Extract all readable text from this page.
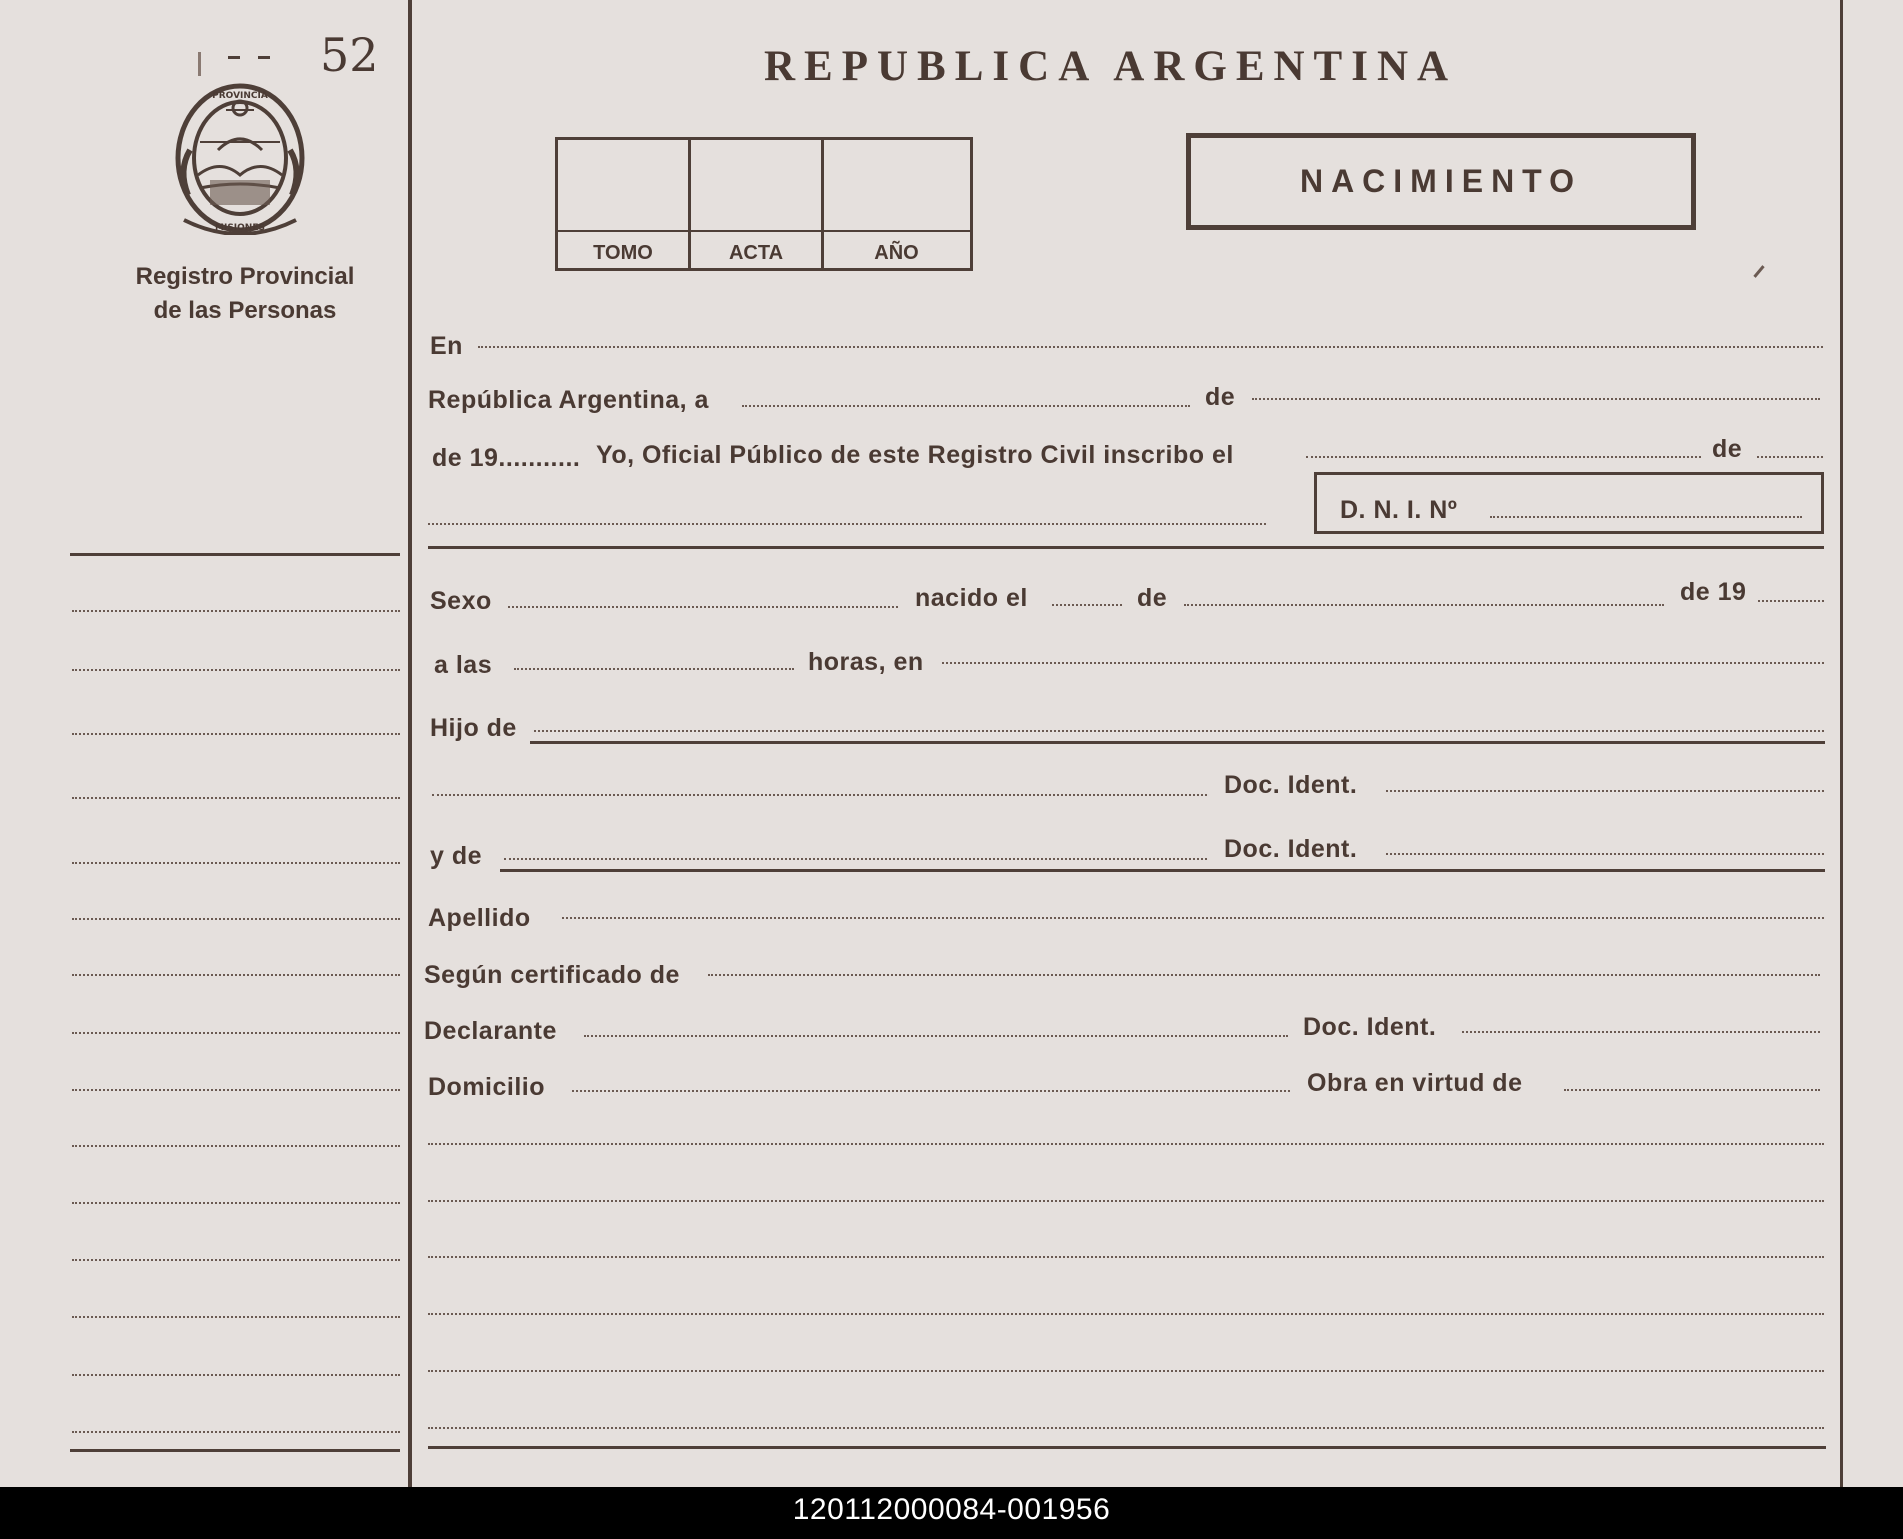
52	REPUBLICA ARGENTINA
PROVINCIA
MISIONES
Registro Provincial
de las Personas
TOMO	ACTA	AÑO
NACIMIENTO
En
República Argentina, a	de
de 19........... Yo, Oficial Público de este Registro Civil inscribo el	de
D. N. I. Nº
Sexo	nacido el	de	de 19
a las	horas, en
Hijo de
Doc. Ident.
y de	Doc. Ident.
Apellido
Según certificado de
Declarante	Doc. Ident.
Domicilio	Obra en virtud de
120112000084-001956
